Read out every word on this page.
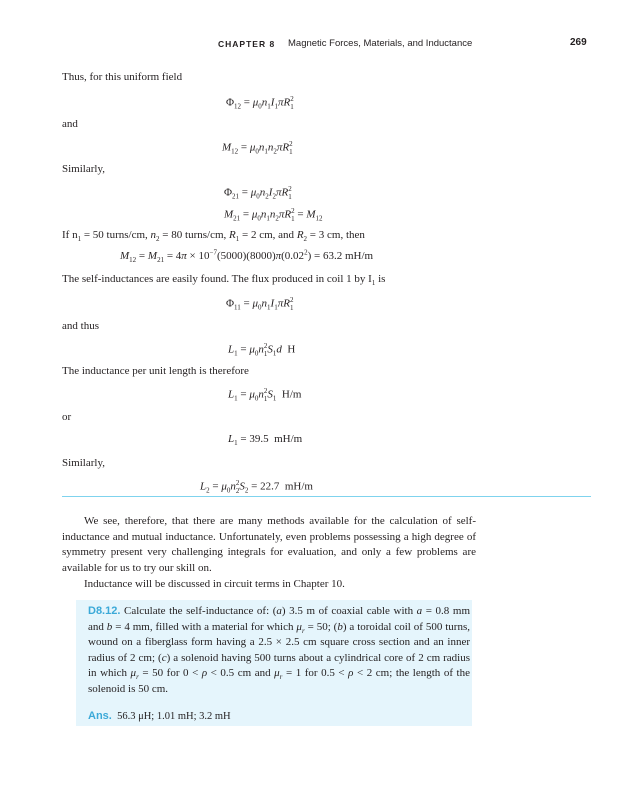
CHAPTER 8 Magnetic Forces, Materials, and Inductance	269
Thus, for this uniform field
$\Phi_{12} = \mu_0n_1I_1\pi R2$
1
and
$M_{12} = \mu_0n_1n_2\pi R2$
1
Similarly,
$\Phi_{21} = \mu_0n_2I_2\pi R2$
1
$M_{21} = \mu_0n_1n_2\pi R2$
$1 = M_{12}$
If $n_1 = 50$ turns/cm, $n_2 = 80$ turns/cm, $R_1 = 2$ cm, and $R_2 = 3$ cm, then
$M_{12} = M_{21} = 4\pi \times 10^{-7}(5000)(8000)\pi(0.02^2) = 63.2$ mH/m
The self-inductances are easily found. The flux produced in coil 1 by $I_1$ is
$\Phi_{11} = \mu_0n_1I_1\pi R2$
1
and thus
$L_1 = \mu_0n2$
$1S_1d$  H
The inductance per unit length is therefore
$L_1 = \mu_0n2$
$1S_1$ H/m
or
$L_1 = 39.5$ mH/m
Similarly,
$L_2 = \mu_0n2$
$2S_2 = 22.7$ mH/m
We see, therefore, that there are many methods available for the calculation of self-inductance and mutual inductance. Unfortunately, even problems possessing a high degree of symmetry present very challenging integrals for evaluation, and only a few problems are available for us to try our skill on.
Inductance will be discussed in circuit terms in Chapter 10.
D8.12. Calculate the self-inductance of: (a) 3.5 m of coaxial cable with a = 0.8 mm and b = 4 mm, filled with a material for which $\mu_r = 50$; (b) a toroidal coil of 500 turns, wound on a fiberglass form having a 2.5 × 2.5 cm square cross section and an inner radius of 2 cm; (c) a solenoid having 500 turns about a cylindrical core of 2 cm radius in which $\mu_r = 50$ for 0 < ρ < 0.5 cm and $\mu_r = 1$ for 0.5 < ρ < 2 cm; the length of the solenoid is 50 cm.
Ans. 56.3 μH; 1.01 mH; 3.2 mH
